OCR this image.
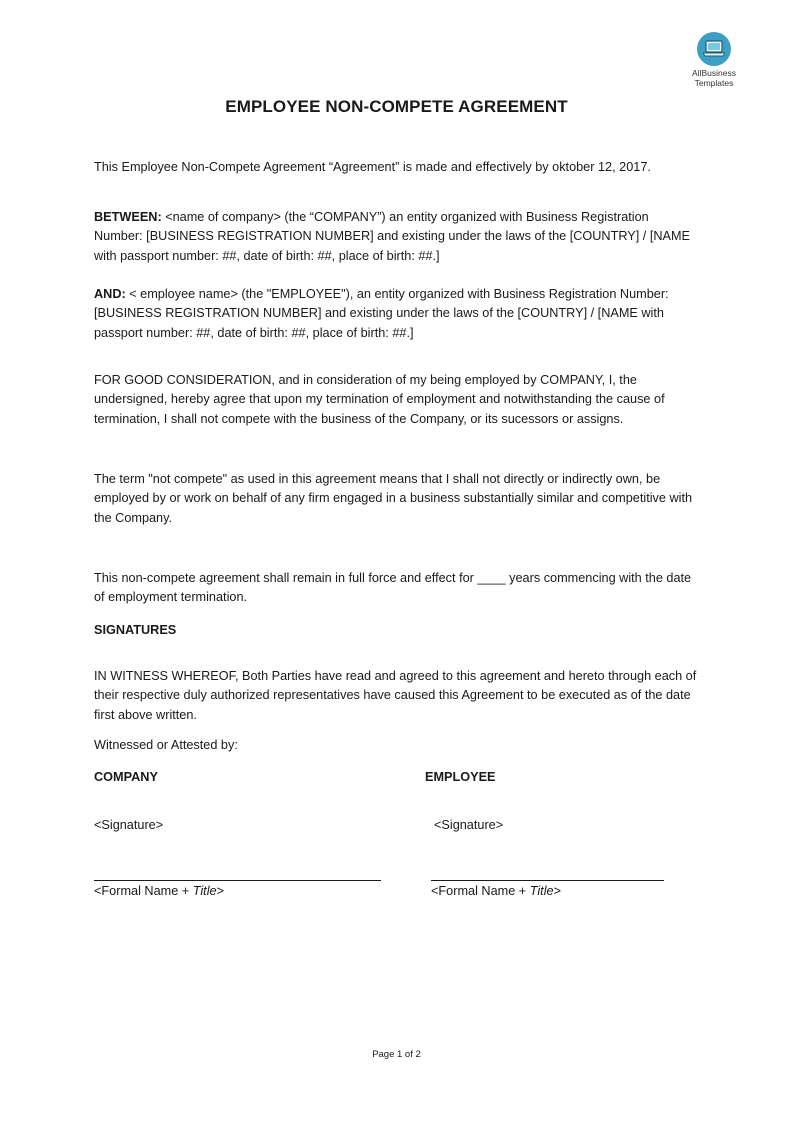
AllBusiness
Templates
EMPLOYEE NON-COMPETE AGREEMENT
This Employee Non-Compete Agreement “Agreement” is made and effectively by oktober 12, 2017.
BETWEEN: <name of company> (the “COMPANY”) an entity organized with Business Registration Number: [BUSINESS REGISTRATION NUMBER] and existing under the laws of the [COUNTRY] / [NAME with passport number: ##, date of birth: ##, place of birth: ##.]
AND: < employee name> (the "EMPLOYEE"), an entity organized with Business Registration Number: [BUSINESS REGISTRATION NUMBER] and existing under the laws of the [COUNTRY] / [NAME with passport number: ##, date of birth: ##, place of birth: ##.]
FOR GOOD CONSIDERATION, and in consideration of my being employed by COMPANY, I, the undersigned, hereby agree that upon my termination of employment and notwithstanding the cause of termination, I shall not compete with the business of the Company, or its sucessors or assigns.
The term "not compete" as used in this agreement means that I shall not directly or indirectly own, be employed by or work on behalf of any firm engaged in a business substantially similar and competitive with the Company.
This non-compete agreement shall remain in full force and effect for ____ years commencing with the date of employment termination.
SIGNATURES
IN WITNESS WHEREOF, Both Parties have read and agreed to this agreement and hereto through each of their respective duly authorized representatives have caused this Agreement to be executed as of the date first above written.
Witnessed or Attested by:
COMPANY	EMPLOYEE
<Signature>	<Signature>
<Formal Name + Title>	<Formal Name + Title>
Page 1 of 2
